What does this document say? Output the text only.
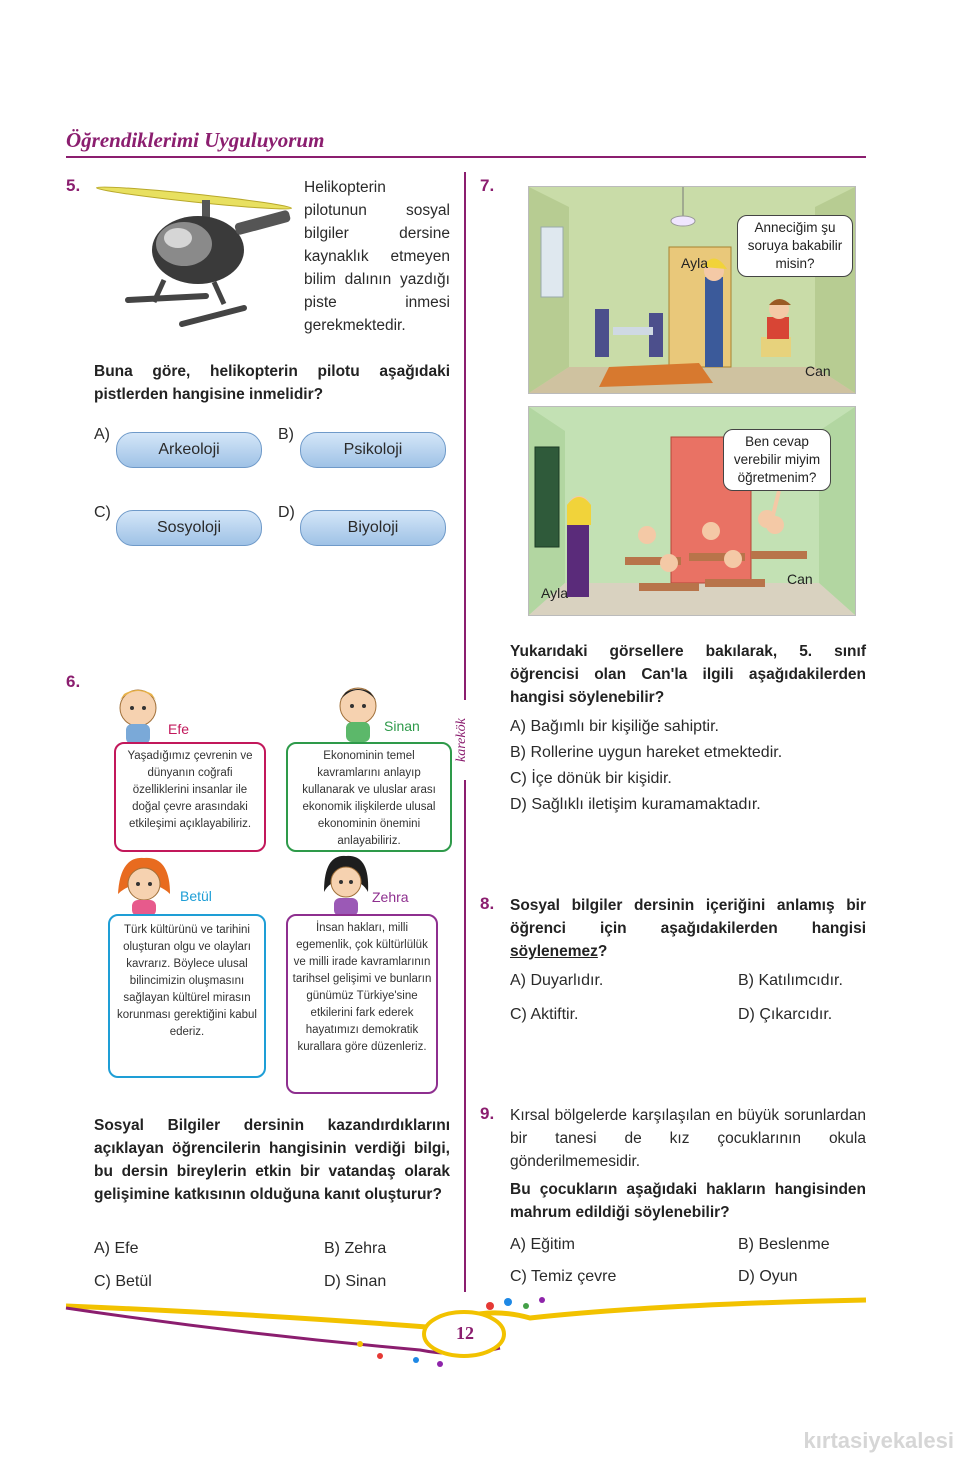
Öğrendiklerimi Uyguluyorum
karekök
5.	Helikopterin pilotunun sosyal bilgiler dersine kaynaklık etmeyen bilim dalının yazdığı piste inmesi gerekmektedir.
Buna göre, helikopterin pilotu aşağıdaki pistlerden hangisine inmelidir?
A)
Arkeoloji
B)
Psikoloji
C)
Sosyoloji
D)
Biyoloji
6.
Efe
Yaşadığımız çevrenin ve dünyanın coğrafi özelliklerini insanlar ile doğal çevre arasındaki etkileşimi açıklayabiliriz.
Sinan
Ekonominin temel kavramlarını anlayıp kullanarak ve uluslar arası ekonomik ilişkilerde ulusal ekonominin önemini anlayabiliriz.
Betül
Türk kültürünü ve tarihini oluşturan olgu ve olayları kavrarız. Böylece ulusal bilincimizin oluşmasını sağlayan kültürel mirasın korunması gerektiğini kabul ederiz.
Zehra
İnsan hakları, milli egemenlik, çok kültürlülük ve milli irade kavramlarının tarihsel gelişimi ve bunların günümüz Türkiye'sine etkilerini fark ederek hayatımızı demokratik kurallara göre düzenleriz.
Sosyal Bilgiler dersinin kazandırdıklarını açıklayan öğrencilerin hangisinin verdiği bilgi, bu dersin bireylerin etkin bir vatandaş olarak gelişimine katkısının olduğuna kanıt oluşturur?
A) Efe	B) Zehra
C) Betül	D) Sinan
7.
Anneciğim şu soruya bakabilir misin?
Ayla
Can
Ben cevap verebilir miyim öğretmenim?
Ayla
Can
Yukarıdaki görsellere bakılarak, 5. sınıf öğrencisi olan Can'la ilgili aşağıdakilerden hangisi söylenebilir?
A) Bağımlı bir kişiliğe sahiptir.
B) Rollerine uygun hareket etmektedir.
C) İçe dönük bir kişidir.
D) Sağlıklı iletişim kuramamaktadır.
8. Sosyal bilgiler dersinin içeriğini anlamış bir öğrenci için aşağıdakilerden hangisi söylenemez?
A) Duyarlıdır.	B) Katılımcıdır.
C) Aktiftir.	D) Çıkarcıdır.
9. Kırsal bölgelerde karşılaşılan en büyük sorunlardan bir tanesi de kız çocuklarının okula gönderilmemesidir.
Bu çocukların aşağıdaki hakların hangisinden mahrum edildiği söylenebilir?
A) Eğitim	B) Beslenme
C) Temiz çevre	D) Oyun
12
kırtasiyekalesi
